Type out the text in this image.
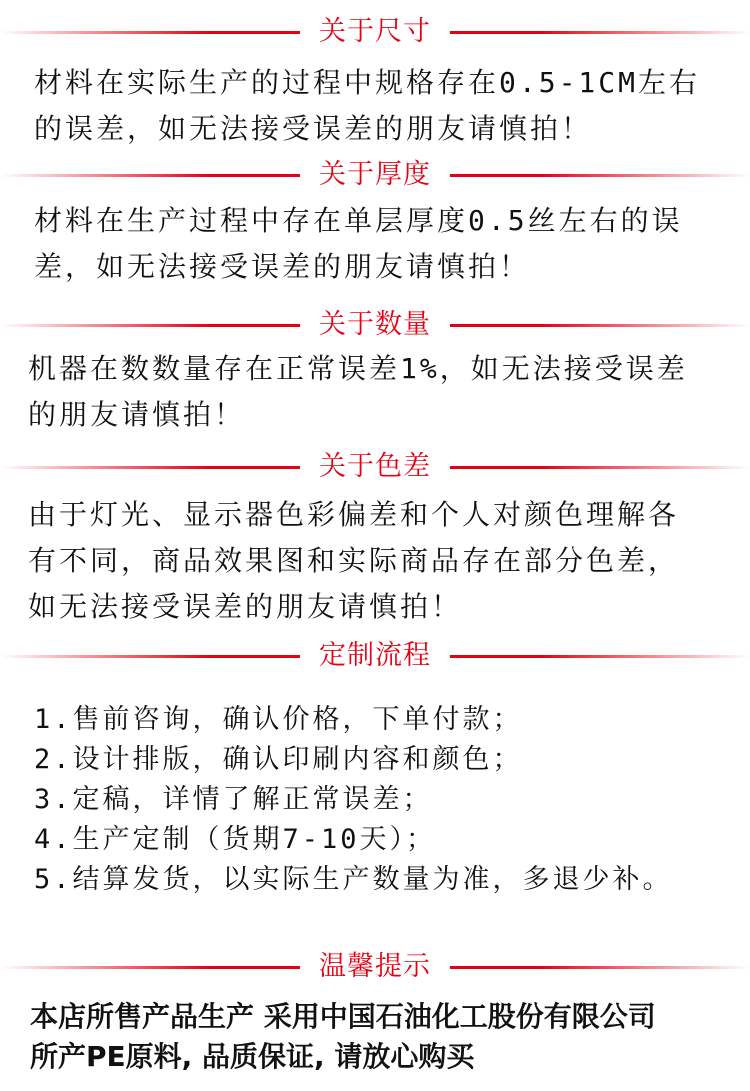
关于尺寸
材料在实际生产的过程中规格存在0.5-1CM左右
的误差，如无法接受误差的朋友请慎拍！
关于厚度
材料在生产过程中存在单层厚度0.5丝左右的误
差，如无法接受误差的朋友请慎拍！
关于数量
机器在数数量存在正常误差1%，如无法接受误差
的朋友请慎拍！
关于色差
由于灯光、显示器色彩偏差和个人对颜色理解各
有不同，商品效果图和实际商品存在部分色差，
如无法接受误差的朋友请慎拍！
定制流程
1.售前咨询，确认价格，下单付款；
2.设计排版，确认印刷内容和颜色；
3.定稿，详情了解正常误差；
4.生产定制（货期7-10天）；
5.结算发货，以实际生产数量为准，多退少补。
温馨提示
本店所售产品生产 采用中国石油化工股份有限公司
所产PE原料, 品质保证, 请放心购买
